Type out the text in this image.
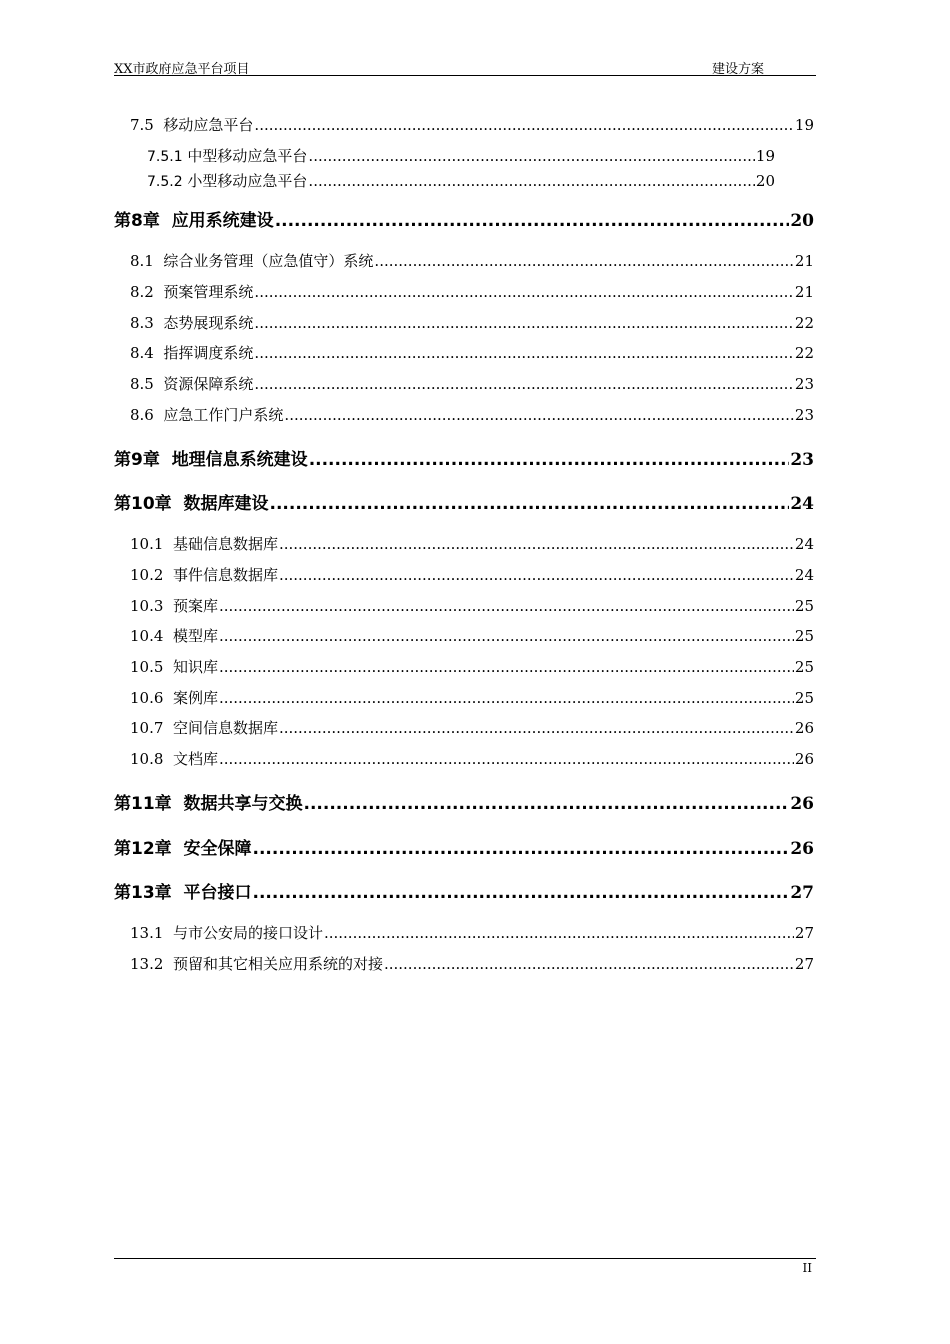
XX市政府应急平台项目	建设方案
7.5 移动应急平台 .....	19
7.5.1 中型移动应急平台 .....	19
7.5.2 小型移动应急平台 .....	20
第8章 应用系统建设 .....	20
8.1 综合业务管理（应急值守）系统 .....	21
8.2 预案管理系统 .....	21
8.3 态势展现系统 .....	22
8.4 指挥调度系统 .....	22
8.5 资源保障系统 .....	23
8.6 应急工作门户系统 .....	23
第9章 地理信息系统建设 .....	23
第10章 数据库建设 .....	24
10.1 基础信息数据库 .....	24
10.2 事件信息数据库 .....	24
10.3 预案库 .....	25
10.4 模型库 .....	25
10.5 知识库 .....	25
10.6 案例库 .....	25
10.7 空间信息数据库 .....	26
10.8 文档库 .....	26
第11章 数据共享与交换 .....	26
第12章 安全保障 .....	26
第13章 平台接口 .....	27
13.1 与市公安局的接口设计 .....	27
13.2 预留和其它相关应用系统的对接 .....	27
II
